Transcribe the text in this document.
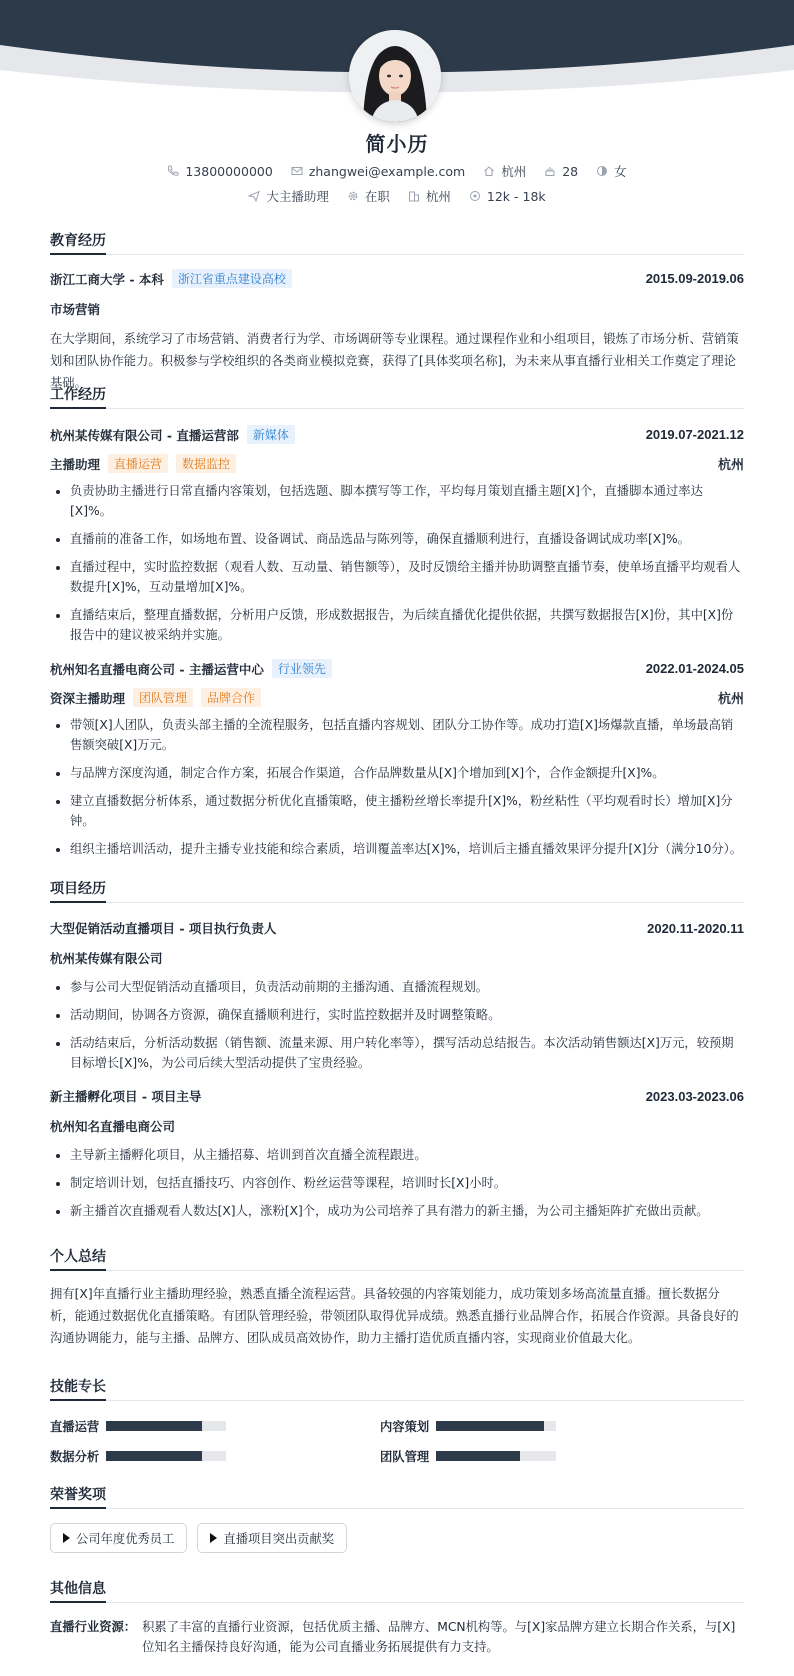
简小历
13800000000	zhangwei@example.com	杭州	28	女
大主播助理	在职	杭州	12k - 18k
教育经历
浙江工商大学 - 本科	浙江省重点建设高校	2015.09-2019.06
市场营销
在大学期间，系统学习了市场营销、消费者行为学、市场调研等专业课程。通过课程作业和小组项目，锻炼了市场分析、营销策划和团队协作能力。积极参与学校组织的各类商业模拟竞赛，获得了[具体奖项名称]，为未来从事直播行业相关工作奠定了理论基础。
工作经历
杭州某传媒有限公司 - 直播运营部	新媒体	2019.07-2021.12
主播助理	直播运营	数据监控	杭州
• 负责协助主播进行日常直播内容策划，包括选题、脚本撰写等工作，平均每月策划直播主题[X]个，直播脚本通过率达[X]%。
• 直播前的准备工作，如场地布置、设备调试、商品选品与陈列等，确保直播顺利进行，直播设备调试成功率[X]%。
• 直播过程中，实时监控数据（观看人数、互动量、销售额等），及时反馈给主播并协助调整直播节奏，使单场直播平均观看人数提升[X]%，互动量增加[X]%。
• 直播结束后，整理直播数据，分析用户反馈，形成数据报告，为后续直播优化提供依据，共撰写数据报告[X]份，其中[X]份报告中的建议被采纳并实施。
杭州知名直播电商公司 - 主播运营中心	行业领先	2022.01-2024.05
资深主播助理	团队管理	品牌合作	杭州
• 带领[X]人团队，负责头部主播的全流程服务，包括直播内容规划、团队分工协作等。成功打造[X]场爆款直播，单场最高销售额突破[X]万元。
• 与品牌方深度沟通，制定合作方案，拓展合作渠道，合作品牌数量从[X]个增加到[X]个，合作金额提升[X]%。
• 建立直播数据分析体系，通过数据分析优化直播策略，使主播粉丝增长率提升[X]%，粉丝粘性（平均观看时长）增加[X]分钟。
• 组织主播培训活动，提升主播专业技能和综合素质，培训覆盖率达[X]%，培训后主播直播效果评分提升[X]分（满分10分）。
项目经历
大型促销活动直播项目 - 项目执行负责人	2020.11-2020.11
杭州某传媒有限公司
• 参与公司大型促销活动直播项目，负责活动前期的主播沟通、直播流程规划。
• 活动期间，协调各方资源，确保直播顺利进行，实时监控数据并及时调整策略。
• 活动结束后，分析活动数据（销售额、流量来源、用户转化率等），撰写活动总结报告。本次活动销售额达[X]万元，较预期目标增长[X]%，为公司后续大型活动提供了宝贵经验。
新主播孵化项目 - 项目主导	2023.03-2023.06
杭州知名直播电商公司
• 主导新主播孵化项目，从主播招募、培训到首次直播全流程跟进。
• 制定培训计划，包括直播技巧、内容创作、粉丝运营等课程，培训时长[X]小时。
• 新主播首次直播观看人数达[X]人，涨粉[X]个，成功为公司培养了具有潜力的新主播，为公司主播矩阵扩充做出贡献。
个人总结
拥有[X]年直播行业主播助理经验，熟悉直播全流程运营。具备较强的内容策划能力，成功策划多场高流量直播。擅长数据分析，能通过数据优化直播策略。有团队管理经验，带领团队取得优异成绩。熟悉直播行业品牌合作，拓展合作资源。具备良好的沟通协调能力，能与主播、品牌方、团队成员高效协作，助力主播打造优质直播内容，实现商业价值最大化。
技能专长
直播运营	内容策划
数据分析	团队管理
荣誉奖项
公司年度优秀员工	直播项目突出贡献奖
其他信息
直播行业资源： 积累了丰富的直播行业资源，包括优质主播、品牌方、MCN机构等。与[X]家品牌方建立长期合作关系，与[X]位知名主播保持良好沟通，能为公司直播业务拓展提供有力支持。
